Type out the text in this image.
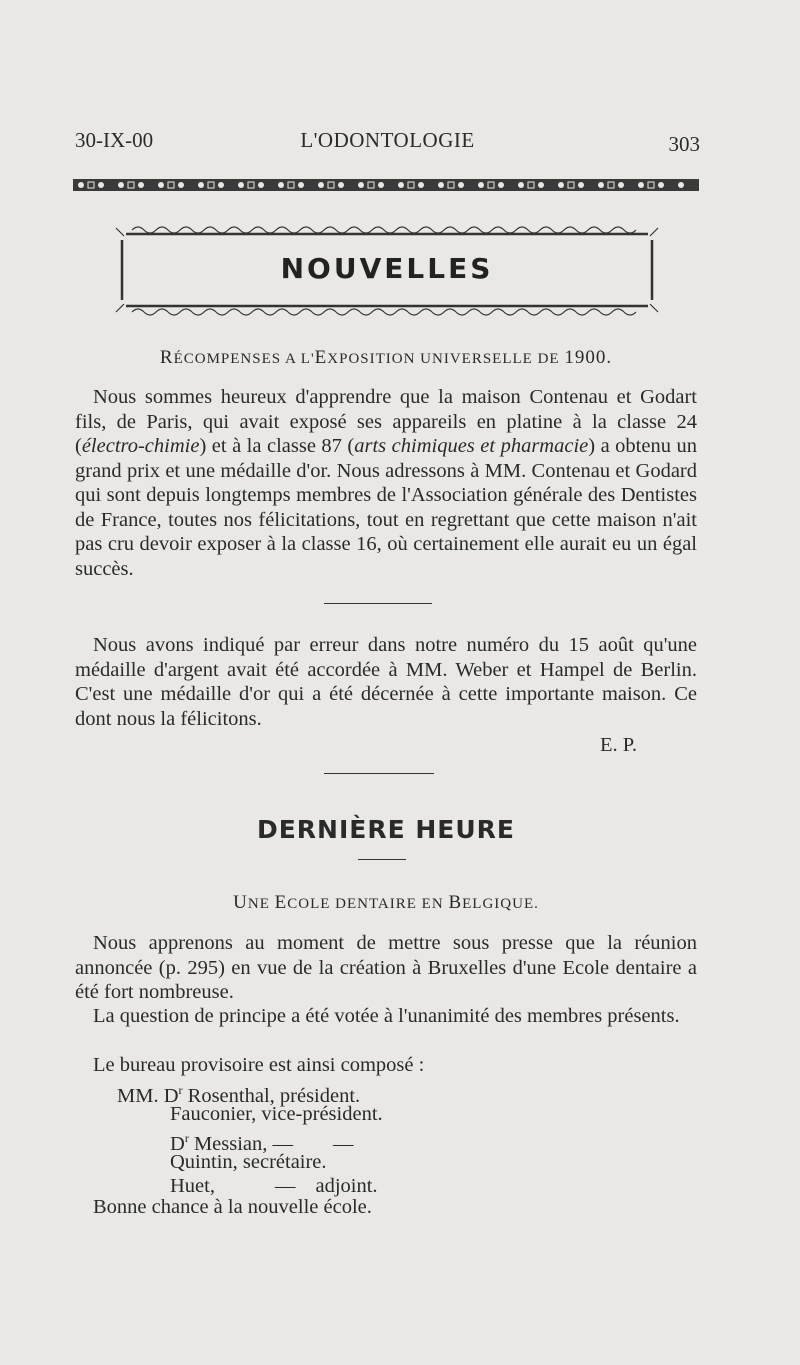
30-IX-00	L'ODONTOLOGIE	303
NOUVELLES
RÉCOMPENSES A L'EXPOSITION UNIVERSELLE DE 1900.
Nous sommes heureux d'apprendre que la maison Contenau et Godart fils, de Paris, qui avait exposé ses appareils en platine à la classe 24 (électro-chimie) et à la classe 87 (arts chimiques et pharmacie) a obtenu un grand prix et une médaille d'or. Nous adressons à MM. Contenau et Godard qui sont depuis longtemps membres de l'Association générale des Dentistes de France, toutes nos félicitations, tout en regrettant que cette maison n'ait pas cru devoir exposer à la classe 16, où certainement elle aurait eu un égal succès.
Nous avons indiqué par erreur dans notre numéro du 15 août qu'une médaille d'argent avait été accordée à MM. Weber et Hampel de Berlin. C'est une médaille d'or qui a été décernée à cette importante maison. Ce dont nous la félicitons.
E. P.
DERNIÈRE HEURE
UNE ECOLE DENTAIRE EN BELGIQUE.
Nous apprenons au moment de mettre sous presse que la réunion annoncée (p. 295) en vue de la création à Bruxelles d'une Ecole dentaire a été fort nombreuse.
La question de principe a été votée à l'unanimité des membres présents.
Le bureau provisoire est ainsi composé :
MM. $D^r$ Rosenthal, président.
Fauconier, vice-président.
$D^r$ Messian, — —
Quintin, secrétaire.
Huet,	— adjoint.
Bonne chance à la nouvelle école.
